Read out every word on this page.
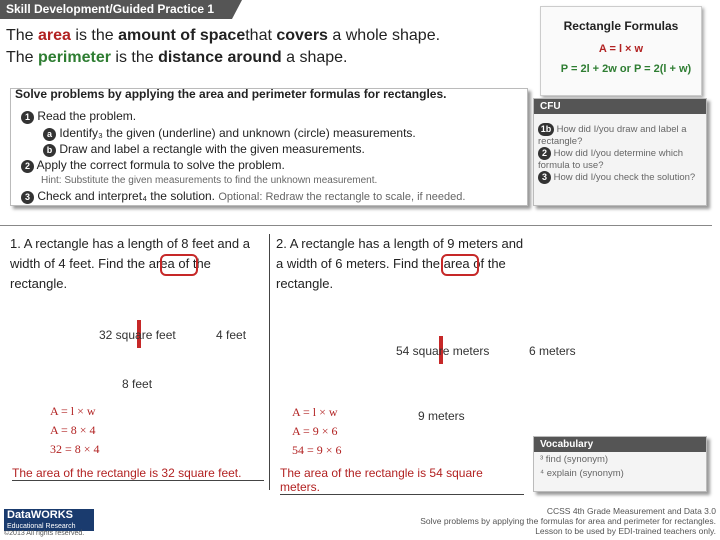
Skill Development/Guided Practice 1
The area is the amount of spacethat covers a whole shape.
The perimeter is the distance around a shape.
Rectangle Formulas
A = l × w
P = 2l + 2w or P = 2(l + w)
Solve problems by applying the area and perimeter formulas for rectangles.
1 Read the problem.
a Identify₃ the given (underline) and unknown (circle) measurements.
b Draw and label a rectangle with the given measurements.
2 Apply the correct formula to solve the problem.
Hint: Substitute the given measurements to find the unknown measurement.
3 Check and interpret₄ the solution. Optional: Redraw the rectangle to scale, if needed.
CFU
1b How did I/you draw and label a rectangle?
2 How did I/you determine which formula to use?
3 How did I/you check the solution?
1. A rectangle has a length of 8 feet and a width of 4 feet. Find the area of the rectangle.
32 square feet	4 feet
8 feet
A = l × w
A = 8 × 4
32 = 8 × 4
The area of the rectangle is 32 square feet.
2. A rectangle has a length of 9 meters and a width of 6 meters. Find the area of the rectangle.
54 square meters	6 meters
9 meters
A = l × w
A = 9 × 6
54 = 9 × 6
The area of the rectangle is 54 square meters.
Vocabulary
³ find (synonym)
⁴ explain (synonym)
DataWORKS
Educational Research
©2013 All rights reserved.
CCSS 4th Grade Measurement and Data 3.0
Solve problems by applying the formulas for area and perimeter for rectangles.
Lesson to be used by EDI-trained teachers only.
